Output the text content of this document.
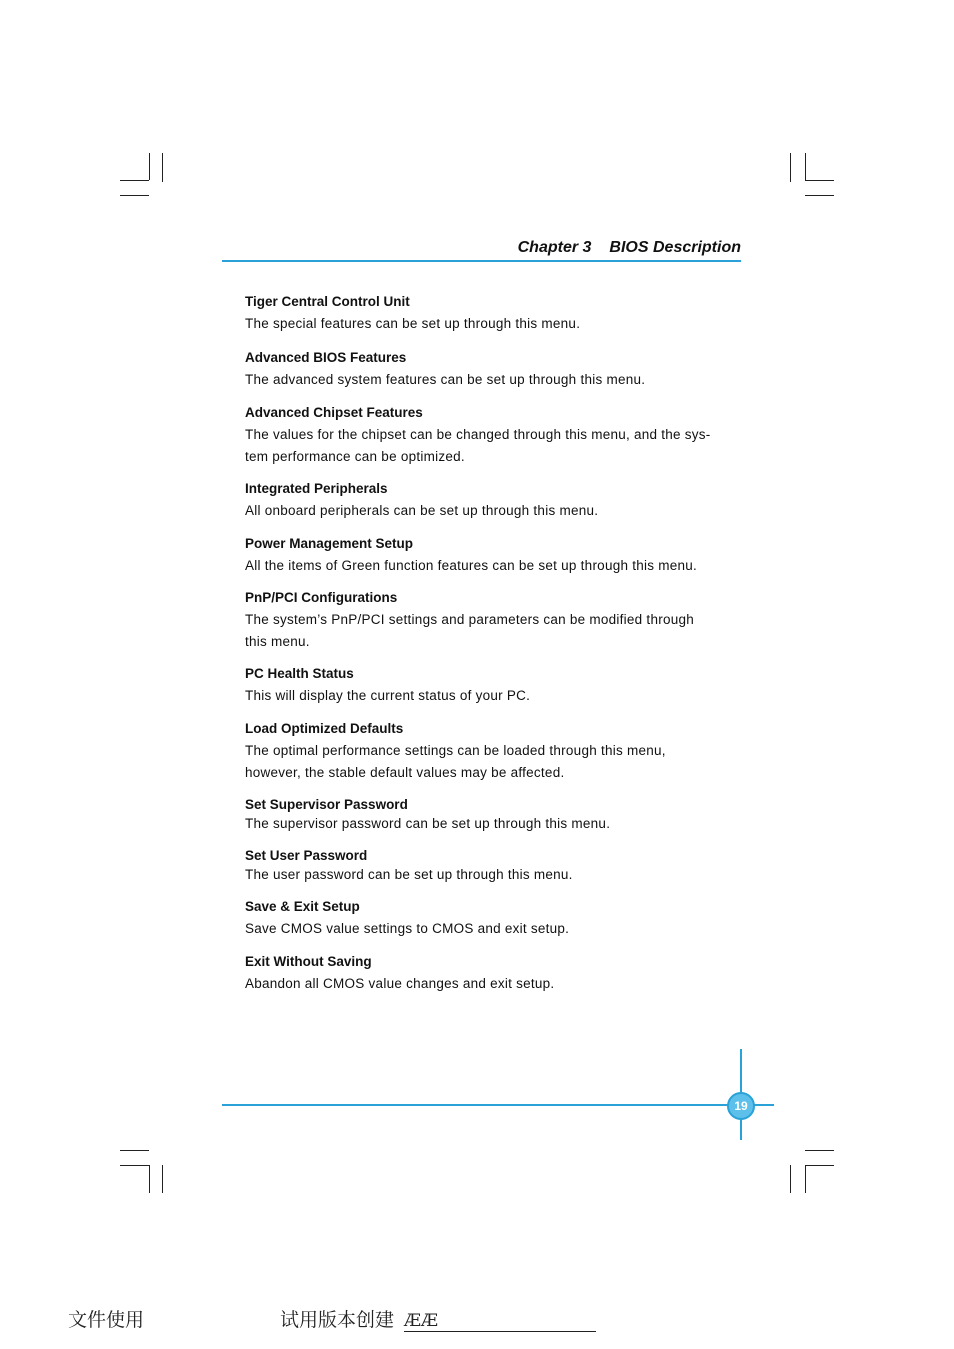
Chapter 3 BIOS Description
Tiger Central Control Unit
The special features can be set up through this menu.
Advanced BIOS Features
The advanced system features can be set up through this menu.
Advanced Chipset Features
The values for the chipset can be changed through this menu, and the sys-
tem performance can be optimized.
Integrated Peripherals
All onboard peripherals can be set up through this menu.
Power Management Setup
All the items of Green function features can be set up through this menu.
PnP/PCI Configurations
The system’s PnP/PCI settings and parameters can be modified through
this menu.
PC Health Status
This will display the current status of your PC.
Load Optimized Defaults
The optimal performance settings can be loaded through this menu,
however, the stable default values may be affected.
Set Supervisor Password
The supervisor password can be set up through this menu.
Set User Password
The user password can be set up through this menu.
Save & Exit Setup
Save CMOS value settings to CMOS and exit setup.
Exit Without Saving
Abandon all CMOS value changes and exit setup.
19
文件使用	试用版本创建 ÆÆ
